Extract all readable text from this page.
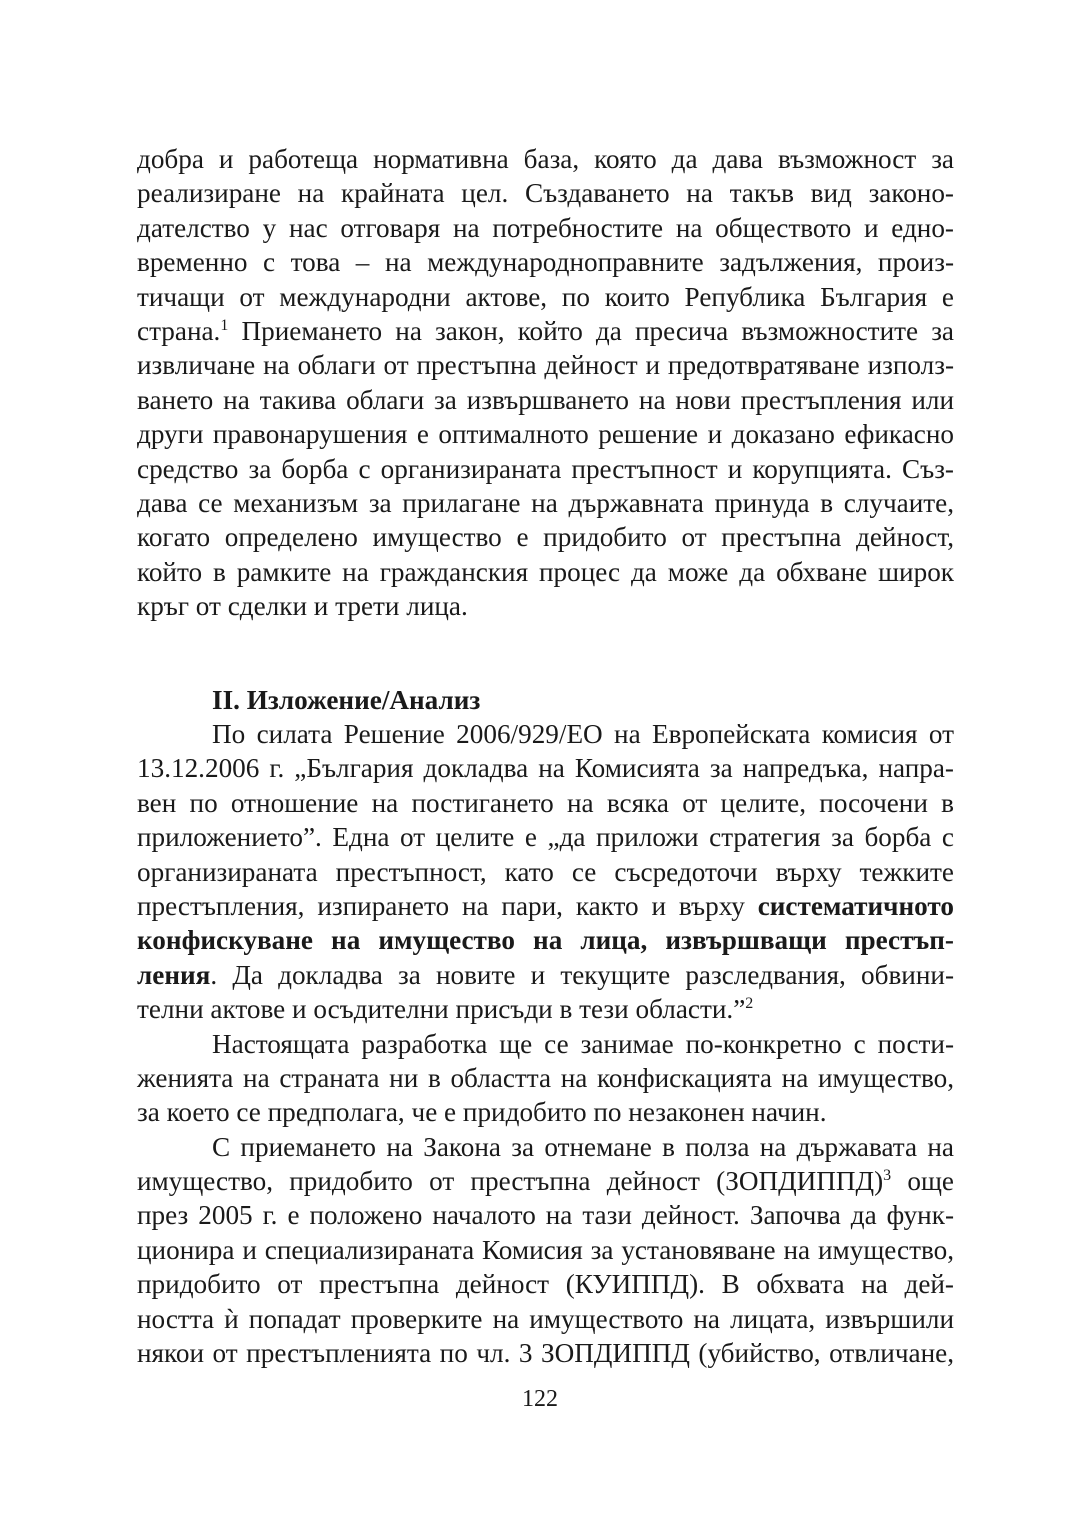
добра и работеща нормативна база, която да дава възможност за
реализиране на крайната цел. Създаването на такъв вид законо-
дателство у нас отговаря на потребностите на обществото и едно-
временно с това – на международноправните задължения, произ-
тичащи от международни актове, по които Република България е
страна.$^1$ Приемането на закон, който да пресича възможностите за
извличане на облаги от престъпна дейност и предотвратяване използ-
ването на такива облаги за извършването на нови престъпления или
други правонарушения е оптималното решение и доказано ефикасно
средство за борба с организираната престъпност и корупцията. Съз-
дава се механизъм за прилагане на държавната принуда в случаите,
когато определено имущество е придобито от престъпна дейност,
който в рамките на гражданския процес да може да обхване широк
кръг от сделки и трети лица.
II. Изложение/Анализ
По силата Решение 2006/929/ЕО на Европейската комисия от
13.12.2006 г. „България докладва на Комисията за напредъка, напра-
вен по отношение на постигането на всяка от целите, посочени в
приложението”. Една от целите е „да приложи стратегия за борба с
организираната престъпност, като се съсредоточи върху тежките
престъпления, изпирането на пари, както и върху систематичното
конфискуване на имущество на лица, извършващи престъп-
ления. Да докладва за новите и текущите разследвания, обвини-
телни актове и осъдителни присъди в тези области.”$^2$
Настоящата разработка ще се занимае по-конкретно с пости-
женията на страната ни в областта на конфискацията на имущество,
за което се предполага, че е придобито по незаконен начин.
С приемането на Закона за отнемане в полза на държавата на
имущество, придобито от престъпна дейност (ЗОПДИППД)$^3$ още
през 2005 г. е положено началото на тази дейност. Започва да функ-
ционира и специализираната Комисия за установяване на имущество,
придобито от престъпна дейност (КУИППД). В обхвата на дей-
ността ѝ попадат проверките на имуществото на лицата, извършили
някои от престъпленията по чл. 3 ЗОПДИППД (убийство, отвличане,
122
